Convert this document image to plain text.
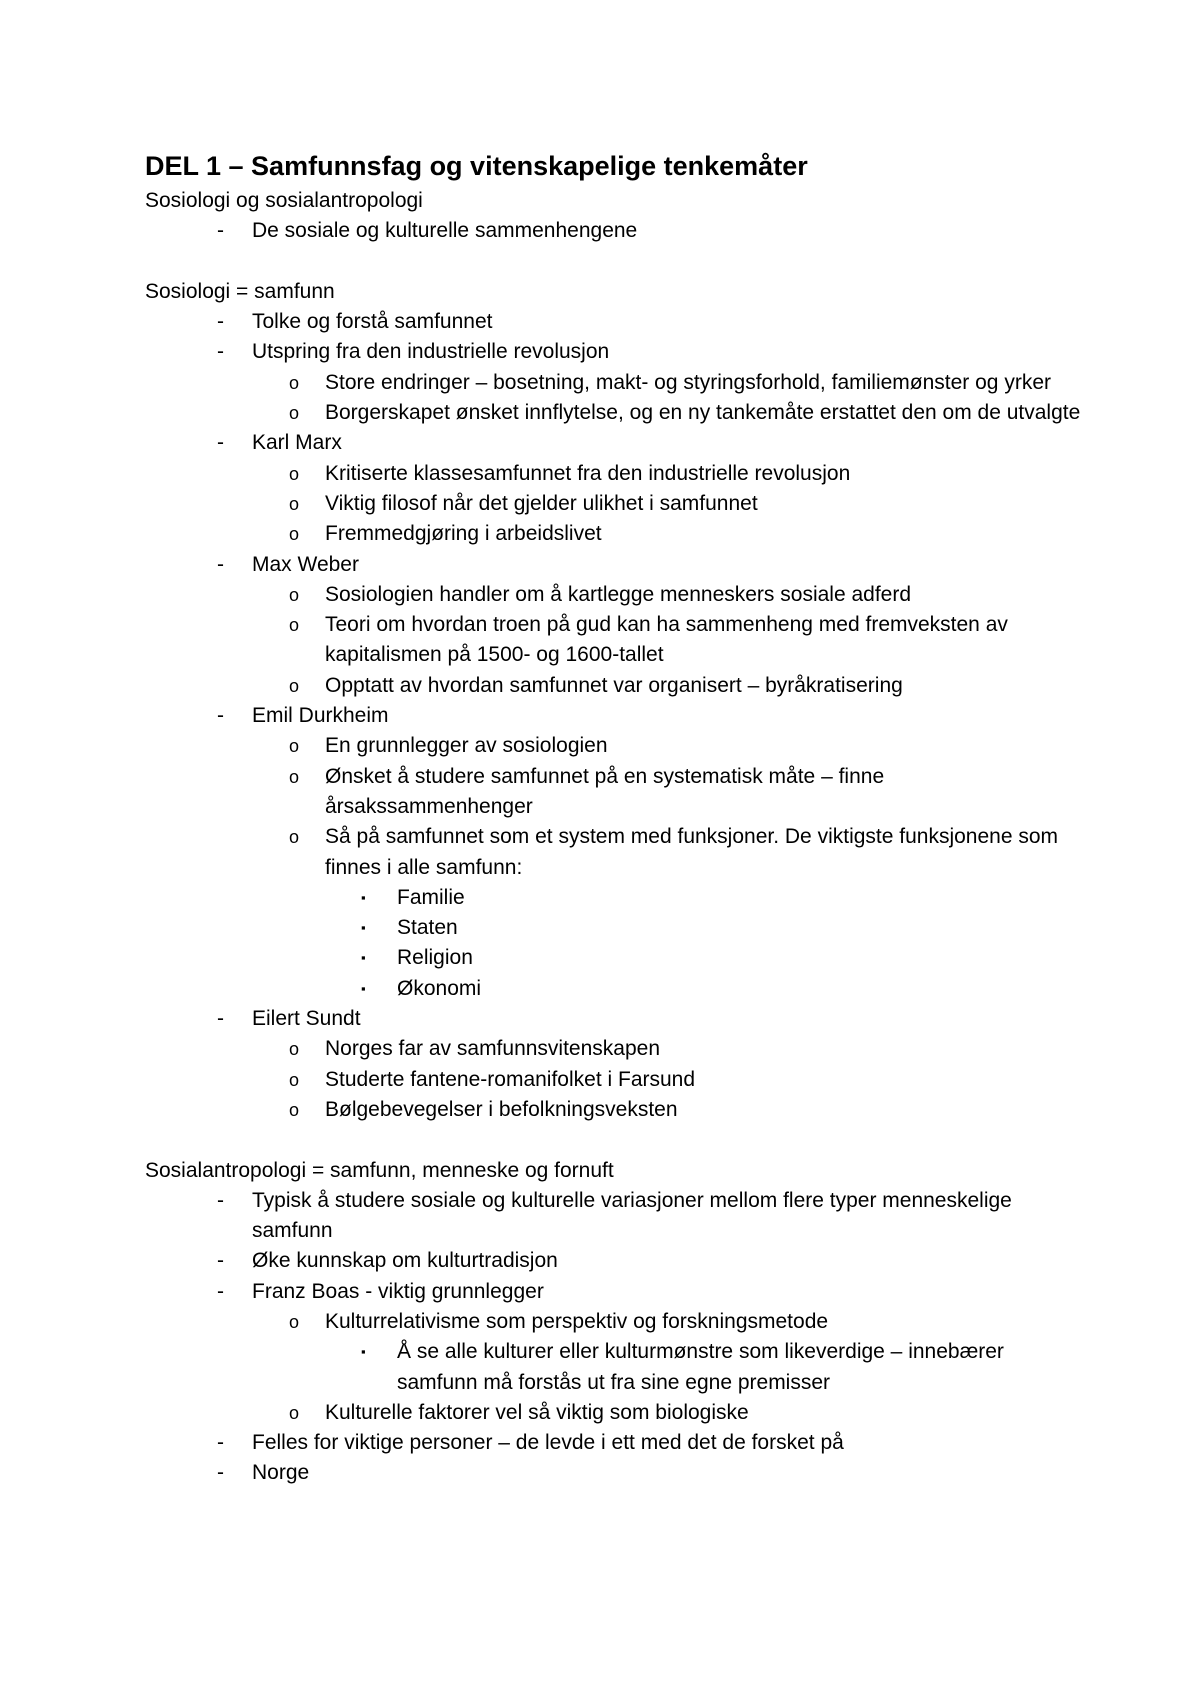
DEL 1 – Samfunnsfag og vitenskapelige tenkemåter
Sosiologi og sosialantropologi
-	De sosiale og kulturelle sammenhengene
Sosiologi = samfunn
-	Tolke og forstå samfunnet
-	Utspring fra den industrielle revolusjon
o	Store endringer – bosetning, makt- og styringsforhold, familiemønster og yrker
o	Borgerskapet ønsket innflytelse, og en ny tankemåte erstattet den om de utvalgte
-	Karl Marx
o	Kritiserte klassesamfunnet fra den industrielle revolusjon
o	Viktig filosof når det gjelder ulikhet i samfunnet
o	Fremmedgjøring i arbeidslivet
-	Max Weber
o	Sosiologien handler om å kartlegge menneskers sosiale adferd
o	Teori om hvordan troen på gud kan ha sammenheng med fremveksten av kapitalismen på 1500- og 1600-tallet
o	Opptatt av hvordan samfunnet var organisert – byråkratisering
-	Emil Durkheim
o	En grunnlegger av sosiologien
o	Ønsket å studere samfunnet på en systematisk måte – finne årsakssammenhenger
o	Så på samfunnet som et system med funksjoner. De viktigste funksjonene som finnes i alle samfunn:
▪	Familie
▪	Staten
▪	Religion
▪	Økonomi
-	Eilert Sundt
o	Norges far av samfunnsvitenskapen
o	Studerte fantene-romanifolket i Farsund
o	Bølgebevegelser i befolkningsveksten
Sosialantropologi = samfunn, menneske og fornuft
-	Typisk å studere sosiale og kulturelle variasjoner mellom flere typer menneskelige samfunn
-	Øke kunnskap om kulturtradisjon
-	Franz Boas - viktig grunnlegger
o	Kulturrelativisme som perspektiv og forskningsmetode
▪	Å se alle kulturer eller kulturmønstre som likeverdige – innebærer samfunn må forstås ut fra sine egne premisser
o	Kulturelle faktorer vel så viktig som biologiske
-	Felles for viktige personer – de levde i ett med det de forsket på
-	Norge
